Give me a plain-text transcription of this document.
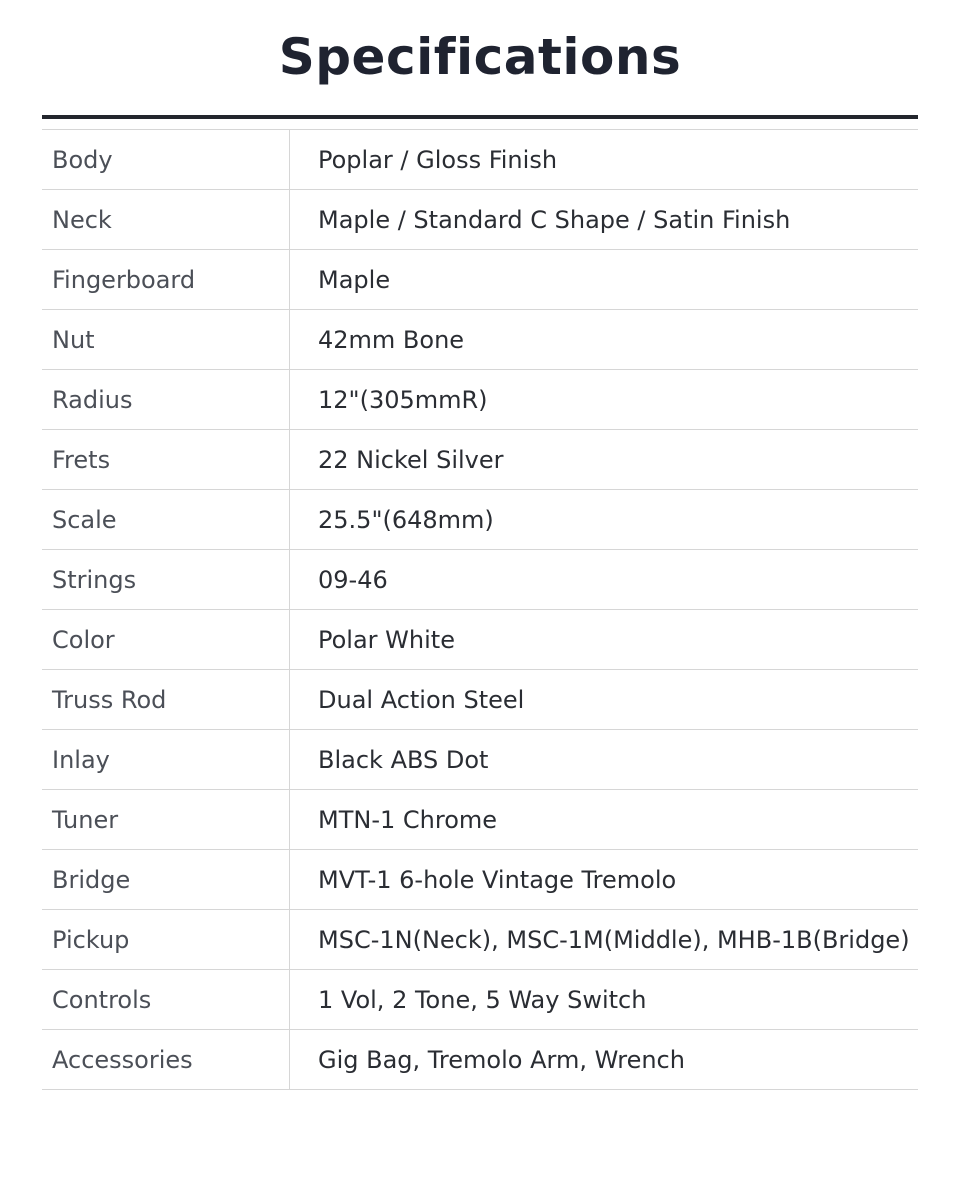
Specifications
Body	Poplar / Gloss Finish
Neck	Maple / Standard C Shape / Satin Finish
Fingerboard	Maple
Nut	42mm Bone
Radius	12"(305mmR)
Frets	22 Nickel Silver
Scale	25.5"(648mm)
Strings	09-46
Color	Polar White
Truss Rod	Dual Action Steel
Inlay	Black ABS Dot
Tuner	MTN-1 Chrome
Bridge	MVT-1 6-hole Vintage Tremolo
Pickup	MSC-1N(Neck), MSC-1M(Middle), MHB-1B(Bridge)
Controls	1 Vol, 2 Tone, 5 Way Switch
Accessories	Gig Bag, Tremolo Arm, Wrench
